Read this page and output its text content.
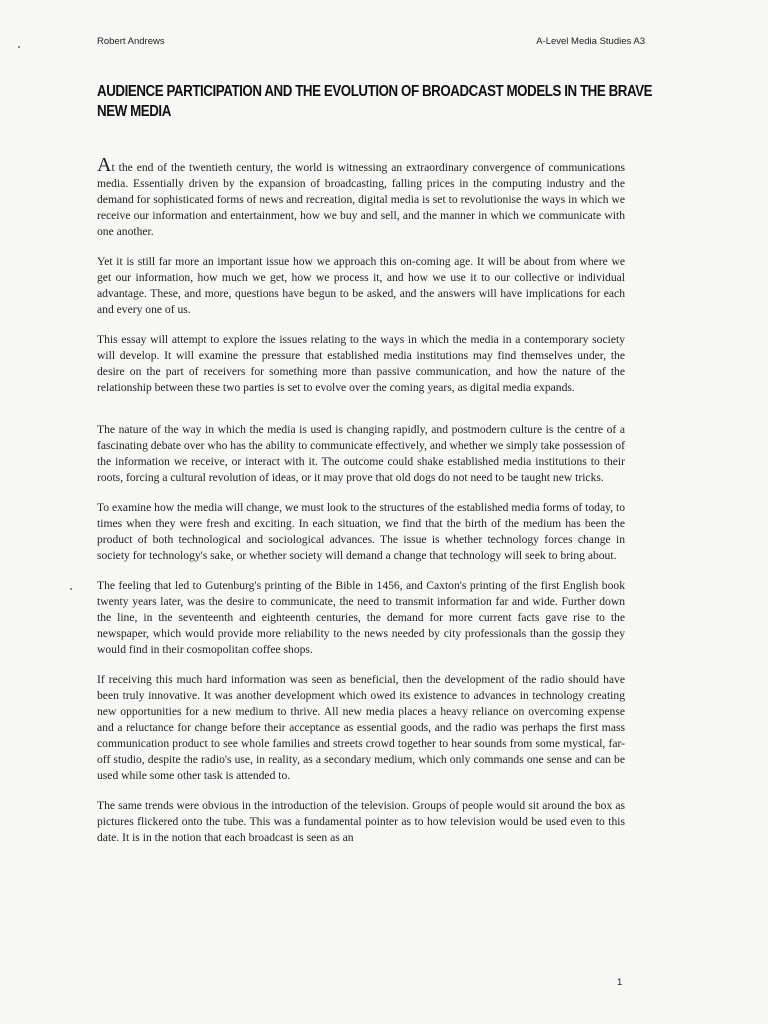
Robert Andrews	A-Level Media Studies A3
AUDIENCE PARTICIPATION AND THE EVOLUTION OF BROADCAST MODELS IN THE BRAVE NEW MEDIA

At the end of the twentieth century, the world is witnessing an extraordinary convergence of communications media. Essentially driven by the expansion of broadcasting, falling prices in the computing industry and the demand for sophisticated forms of news and recreation, digital media is set to revolutionise the ways in which we receive our information and entertainment, how we buy and sell, and the manner in which we communicate with one another.

Yet it is still far more an important issue how we approach this on-coming age. It will be about from where we get our information, how much we get, how we process it, and how we use it to our collective or individual advantage. These, and more, questions have begun to be asked, and the answers will have implications for each and every one of us.

This essay will attempt to explore the issues relating to the ways in which the media in a contemporary society will develop. It will examine the pressure that established media institutions may find themselves under, the desire on the part of receivers for something more than passive communication, and how the nature of the relationship between these two parties is set to evolve over the coming years, as digital media expands.

The nature of the way in which the media is used is changing rapidly, and postmodern culture is the centre of a fascinating debate over who has the ability to communicate effectively, and whether we simply take possession of the information we receive, or interact with it. The outcome could shake established media institutions to their roots, forcing a cultural revolution of ideas, or it may prove that old dogs do not need to be taught new tricks.

To examine how the media will change, we must look to the structures of the established media forms of today, to times when they were fresh and exciting. In each situation, we find that the birth of the medium has been the product of both technological and sociological advances. The issue is whether technology forces change in society for technology's sake, or whether society will demand a change that technology will seek to bring about.

The feeling that led to Gutenburg's printing of the Bible in 1456, and Caxton's printing of the first English book twenty years later, was the desire to communicate, the need to transmit information far and wide. Further down the line, in the seventeenth and eighteenth centuries, the demand for more current facts gave rise to the newspaper, which would provide more reliability to the news needed by city professionals than the gossip they would find in their cosmopolitan coffee shops.

If receiving this much hard information was seen as beneficial, then the development of the radio should have been truly innovative. It was another development which owed its existence to advances in technology creating new opportunities for a new medium to thrive. All new media places a heavy reliance on overcoming expense and a reluctance for change before their acceptance as essential goods, and the radio was perhaps the first mass communication product to see whole families and streets crowd together to hear sounds from some mystical, far-off studio, despite the radio's use, in reality, as a secondary medium, which only commands one sense and can be used while some other task is attended to.

The same trends were obvious in the introduction of the television. Groups of people would sit around the box as pictures flickered onto the tube. This was a fundamental pointer as to how television would be used even to this date. It is in the notion that each broadcast is seen as an

1
